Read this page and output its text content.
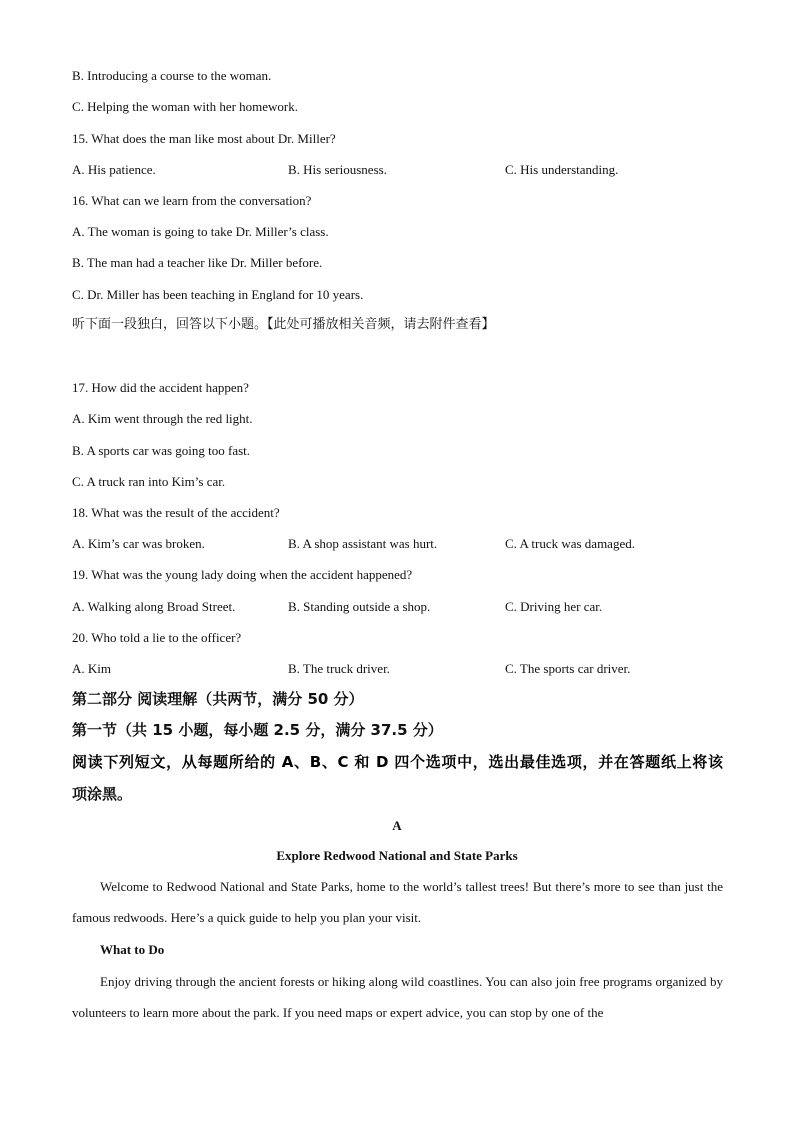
B. Introducing a course to the woman.
C. Helping the woman with her homework.
15. What does the man like most about Dr. Miller?
A. His patience.	B. His seriousness.	C. His understanding.
16. What can we learn from the conversation?
A. The woman is going to take Dr. Miller’s class.
B. The man had a teacher like Dr. Miller before.
C. Dr. Miller has been teaching in England for 10 years.
听下面一段独白，回答以下小题。【此处可播放相关音频，请去附件查看】
17. How did the accident happen?
A. Kim went through the red light.
B. A sports car was going too fast.
C. A truck ran into Kim’s car.
18. What was the result of the accident?
A. Kim’s car was broken.	B. A shop assistant was hurt.	C. A truck was damaged.
19. What was the young lady doing when the accident happened?
A. Walking along Broad Street.	B. Standing outside a shop.	C. Driving her car.
20. Who told a lie to the officer?
A. Kim	B. The truck driver.	C. The sports car driver.
第二部分 阅读理解（共两节，满分 50 分）
第一节（共 15 小题，每小题 2.5 分，满分 37.5 分）
阅读下列短文，从每题所给的 A、B、C 和 D 四个选项中，选出最佳选项，并在答题纸上将该
项涂黑。
A
Explore Redwood National and State Parks
Welcome to Redwood National and State Parks, home to the world’s tallest trees! But there’s more to see than just the famous redwoods. Here’s a quick guide to help you plan your visit.
What to Do
Enjoy driving through the ancient forests or hiking along wild coastlines. You can also join free programs organized by volunteers to learn more about the park. If you need maps or expert advice, you can stop by one of the
